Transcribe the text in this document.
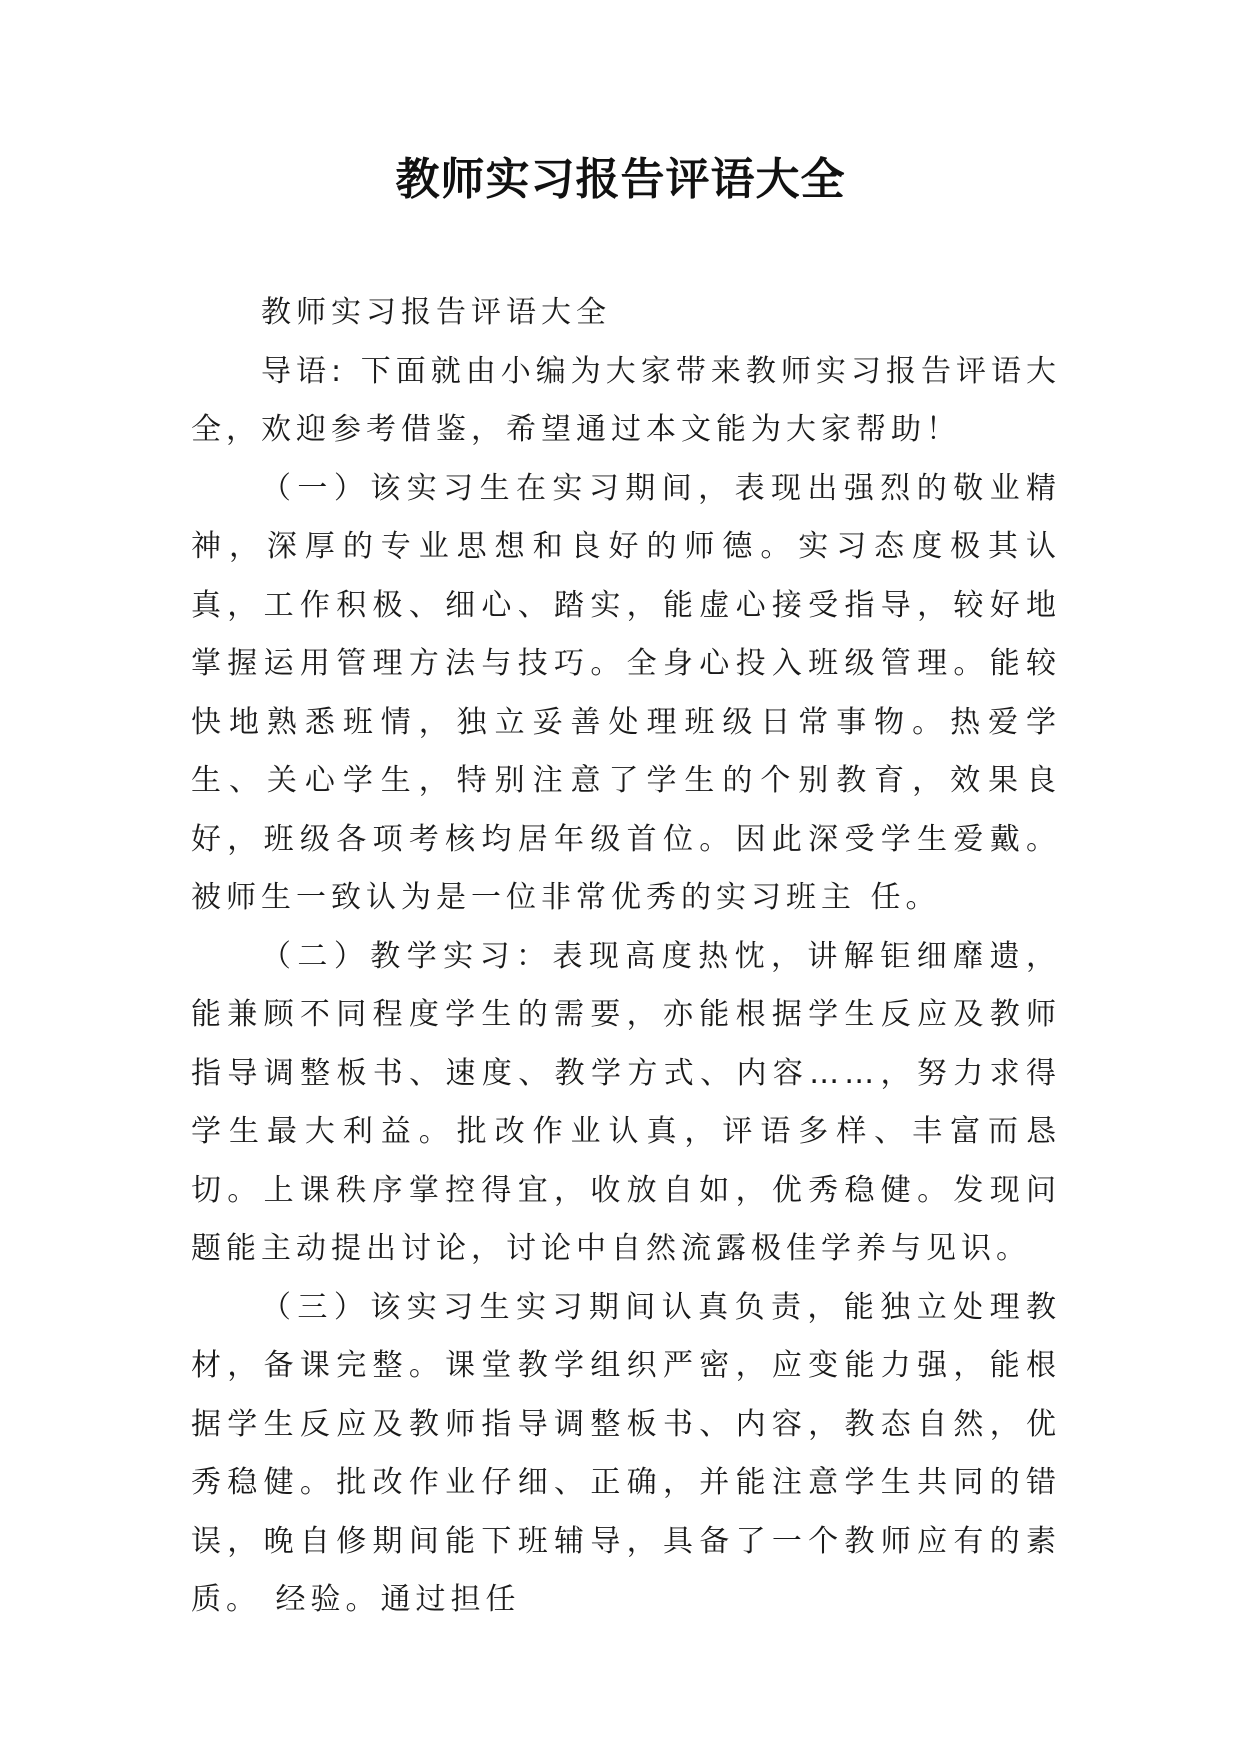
教师实习报告评语大全

教师实习报告评语大全

导语: 下面就由小编为大家带来教师实习报告评语大全，欢迎参考借鉴，希望通过本文能为大家帮助！

（一）该实习生在实习期间，表现出强烈的敬业精神，深厚的专业思想和良好的师德。实习态度极其认真，工作积极、细心、踏实，能虚心接受指导，较好地掌握运用管理方法与技巧。全身心投入班级管理。能较快地熟悉班情，独立妥善处理班级日常事物。热爱学生、关心学生，特别注意了学生的个别教育，效果良好，班级各项考核均居年级首位。因此深受学生爱戴。被师生一致认为是一位非常优秀的实习班主 任。

（二）教学实习：表现高度热忱，讲解钜细靡遗，能兼顾不同程度学生的需要，亦能根据学生反应及教师指导调整板书、速度、教学方式、内容……，努力求得学生最大利益。批改作业认真，评语多样、丰富而恳切。上课秩序掌控得宜，收放自如，优秀稳健。发现问题能主动提出讨论，讨论中自然流露极佳学养与见识。

（三）该实习生实习期间认真负责，能独立处理教材，备课完整。课堂教学组织严密，应变能力强，能根据学生反应及教师指导调整板书、内容，教态自然，优秀稳健。批改作业仔细、正确，并能注意学生共同的错误，晚自修期间能下班辅导，具备了一个教师应有的素质。 经验。通过担任
